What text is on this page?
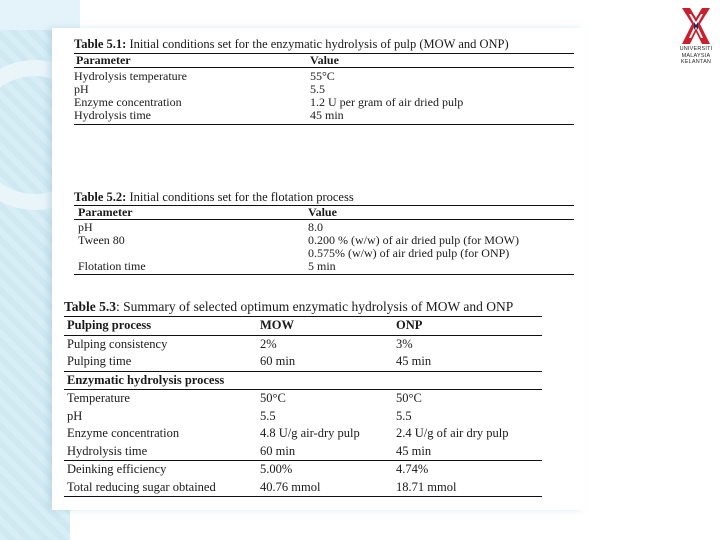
UNIVERSITI
MALAYSIA
KELANTAN
Table 5.1: Initial conditions set for the enzymatic hydrolysis of pulp (MOW and ONP)
Parameter	Value
Hydrolysis temperature	55°C
pH	5.5
Enzyme concentration	1.2 U per gram of air dried pulp
Hydrolysis time	45 min
Table 5.2: Initial conditions set for the flotation process
Parameter	Value
pH	8.0
Tween 80	0.200 % (w/w) of air dried pulp (for MOW)
	0.575% (w/w) of air dried pulp (for ONP)
Flotation time	5 min
Table 5.3: Summary of selected optimum enzymatic hydrolysis of MOW and ONP
Pulping process	MOW	ONP
Pulping consistency	2%	3%
Pulping time	60 min	45 min
Enzymatic hydrolysis process		
Temperature	50°C	50°C
pH	5.5	5.5
Enzyme concentration	4.8 U/g air-dry pulp	2.4 U/g of air dry pulp
Hydrolysis time	60 min	45 min
Deinking efficiency	5.00%	4.74%
Total reducing sugar obtained	40.76 mmol	18.71 mmol
